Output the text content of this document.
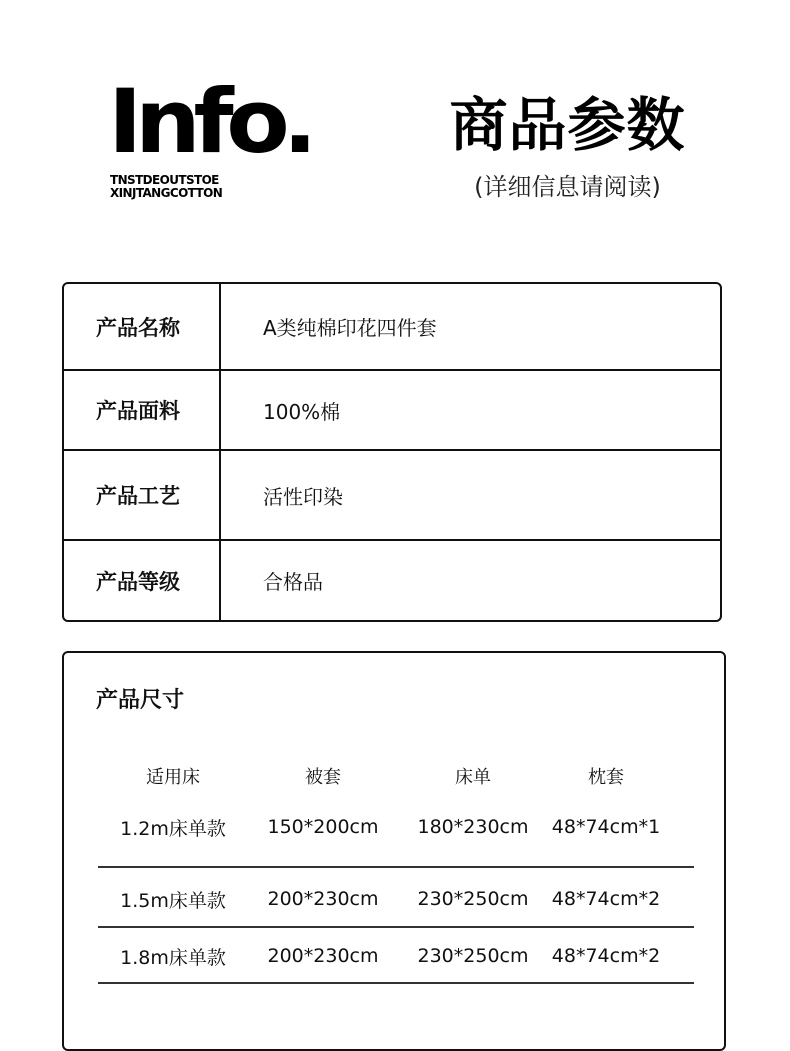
Info.
TNSTDEOUTSTOE
XINJTANGCOTTON
商品参数
(详细信息请阅读)
产品名称	A类纯棉印花四件套
产品面料	100%棉
产品工艺	活性印染
产品等级	合格品
产品尺寸
适用床	被套	床单	枕套
1.2m床单款	150*200cm	180*230cm	48*74cm*1
1.5m床单款	200*230cm	230*250cm	48*74cm*2
1.8m床单款	200*230cm	230*250cm	48*74cm*2
